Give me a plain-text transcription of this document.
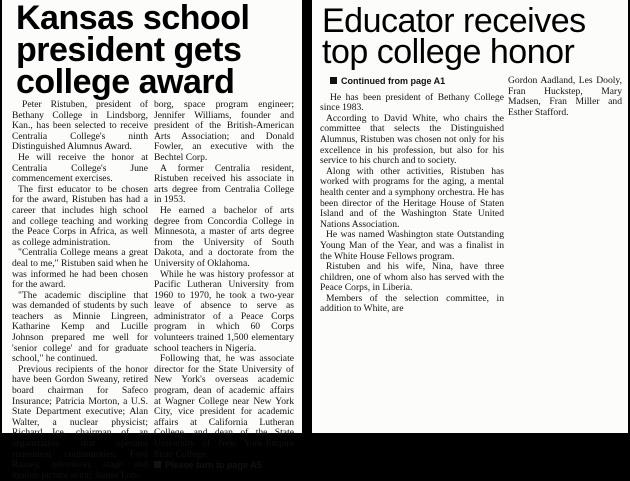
Kansas school
president gets
college award

Peter Ristuben, president of Bethany College in Lindsborg, Kan., has been selected to receive Centralia College's ninth Distinguished Alumnus Award.

He will receive the honor at Centralia College's June commencement exercises.

The first educator to be chosen for the award, Ristuben has had a career that includes high school and college teaching and working the Peace Corps in Africa, as well as college administration.

"Centralia College means a great deal to me," Ristuben said when he was informed he had been chosen for the award.

"The academic discipline that was demanded of students by such teachers as Minnie Lingreen, Katharine Kemp and Lucille Johnson prepared me well for 'senior college' and for graduate school," he continued.

Previous recipients of the honor have been Gordon Sweany, retired board chairman for Safeco Insurance; Patricia Morton, a U.S. State Department executive; Alan Walter, a nuclear physicist; Richard Ice, chairman of an organization that operates retirement communities; Ford Rainey, television, stage and motion picture actor; James Lon-

borg, space program engineer; Jennifer Williams, founder and president of the British-American Arts Association; and Donald Fowler, an executive with the Bechtel Corp.

A former Centralia resident, Ristuben received his associate in arts degree from Centralia College in 1953.

He earned a bachelor of arts degree from Concordia College in Minnesota, a master of arts degree from the University of South Dakota, and a doctorate from the University of Oklahoma.

While he was history professor at Pacific Lutheran University from 1960 to 1970, he took a two-year leave of absence to serve as administrator of a Peace Corps program in which 60 Corps volunteers trained 1,500 elementary school teachers in Nigeria.

Following that, he was associate director for the State University of New York's overseas academic program, dean of academic affairs at Wagner College near New York City, vice president for academic affairs at California Lutheran College, and dean of the State University of New York-Empire State College.

Please turn to page A5

Educator receives
top college honor

Continued from page A1

He has been president of Bethany College since 1983.

According to David White, who chairs the committee that selects the Distinguished Alumnus, Ristuben was chosen not only for his excellence in his profession, but also for his service to his church and to society.

Along with other activities, Ristuben has worked with programs for the aging, a mental health center and a symphony orchestra. He has been director of the Heritage House of Staten Island and of the Washington State United Nations Association.

He was named Washington state Outstanding Young Man of the Year, and was a finalist in the White House Fellows program.

Ristuben and his wife, Nina, have three children, one of whom also has served with the Peace Corps, in Liberia.

Members of the selection committee, in addition to White, are

Gordon Aadland, Les Dooly, Fran Huckstep, Mary Madsen, Fran Miller and Esther Stafford.
